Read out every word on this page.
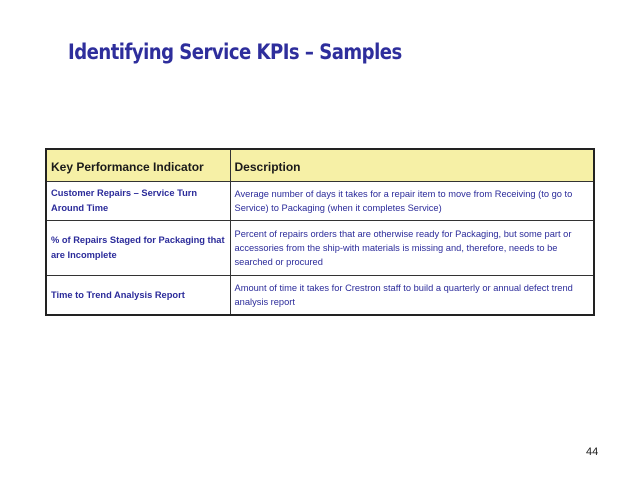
Identifying Service KPIs – Samples
Key Performance Indicator	Description
Customer Repairs – Service Turn Around Time	Average number of days it takes for a repair item to move from Receiving (to go to Service) to Packaging (when it completes Service)
% of Repairs Staged for Packaging that are Incomplete	Percent of repairs orders that are otherwise ready for Packaging, but some part or accessories from the ship-with materials is missing and, therefore, needs to be searched or procured
Time to Trend Analysis Report	Amount of time it takes for Crestron staff to build a quarterly or annual defect trend analysis report
44
